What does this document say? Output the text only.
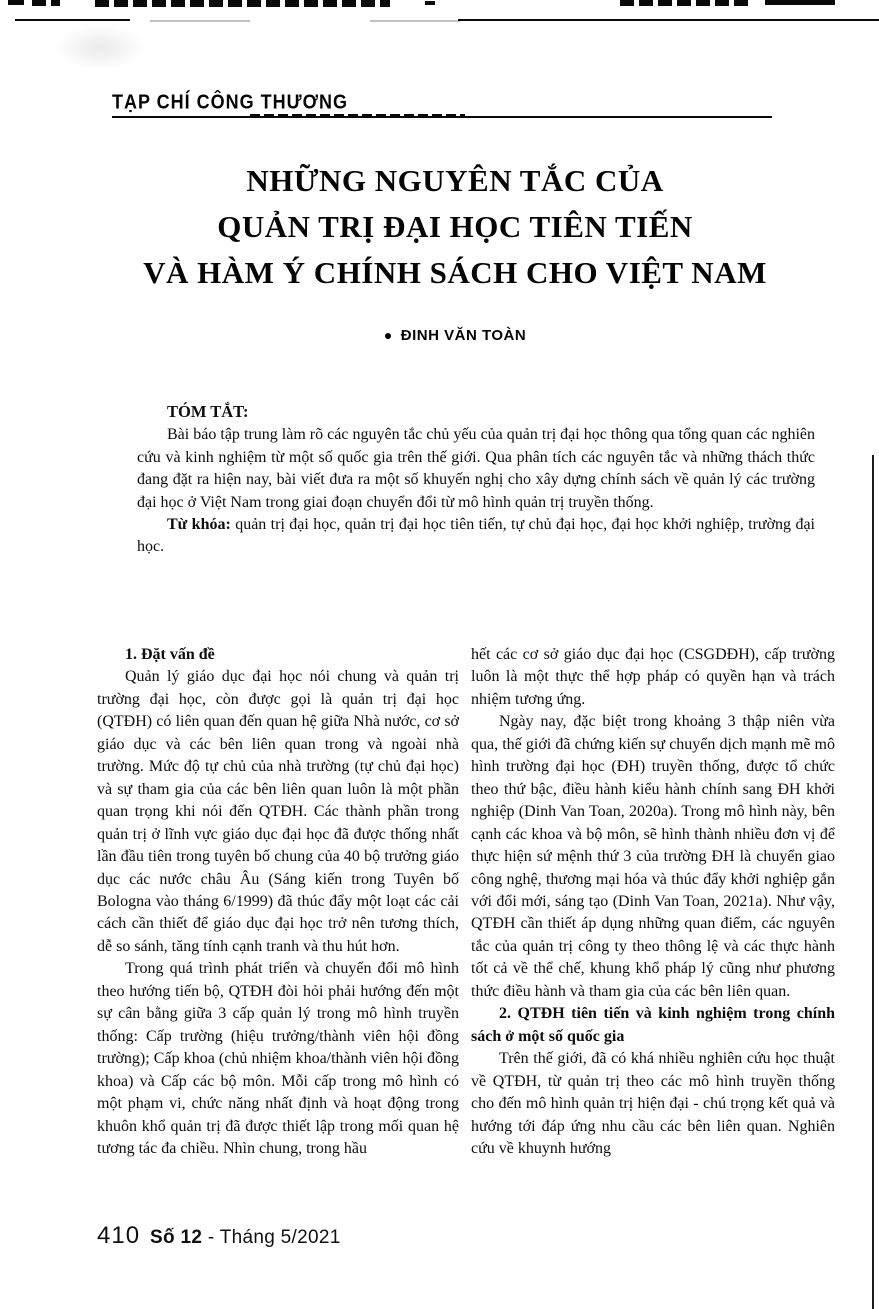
TẠP CHÍ CÔNG THƯƠNG
NHỮNG NGUYÊN TẮC CỦA
QUẢN TRỊ ĐẠI HỌC TIÊN TIẾN
VÀ HÀM Ý CHÍNH SÁCH CHO VIỆT NAM
● ĐINH VĂN TOÀN
TÓM TẮT:

Bài báo tập trung làm rõ các nguyên tắc chủ yếu của quản trị đại học thông qua tổng quan các nghiên cứu và kinh nghiệm từ một số quốc gia trên thế giới. Qua phân tích các nguyên tắc và những thách thức đang đặt ra hiện nay, bài viết đưa ra một số khuyến nghị cho xây dựng chính sách về quản lý các trường đại học ở Việt Nam trong giai đoạn chuyển đổi từ mô hình quản trị truyền thống.

Từ khóa: quản trị đại học, quản trị đại học tiên tiến, tự chủ đại học, đại học khởi nghiệp, trường đại học.

1. Đặt vấn đề

Quản lý giáo dục đại học nói chung và quản trị trường đại học, còn được gọi là quản trị đại học (QTĐH) có liên quan đến quan hệ giữa Nhà nước, cơ sở giáo dục và các bên liên quan trong và ngoài nhà trường. Mức độ tự chủ của nhà trường (tự chủ đại học) và sự tham gia của các bên liên quan luôn là một phần quan trọng khi nói đến QTĐH. Các thành phần trong quản trị ở lĩnh vực giáo dục đại học đã được thống nhất lần đầu tiên trong tuyên bố chung của 40 bộ trưởng giáo dục các nước châu Âu (Sáng kiến trong Tuyên bố Bologna vào tháng 6/1999) đã thúc đẩy một loạt các cải cách cần thiết để giáo dục đại học trở nên tương thích, dễ so sánh, tăng tính cạnh tranh và thu hút hơn.

Trong quá trình phát triển và chuyển đổi mô hình theo hướng tiến bộ, QTĐH đòi hỏi phải hướng đến một sự cân bằng giữa 3 cấp quản lý trong mô hình truyền thống: Cấp trường (hiệu trưởng/thành viên hội đồng trường); Cấp khoa (chủ nhiệm khoa/thành viên hội đồng khoa) và Cấp các bộ môn. Mỗi cấp trong mô hình có một phạm vi, chức năng nhất định và hoạt động trong khuôn khổ quản trị đã được thiết lập trong mối quan hệ tương tác đa chiều. Nhìn chung, trong hầu

hết các cơ sở giáo dục đại học (CSGDĐH), cấp trường luôn là một thực thể hợp pháp có quyền hạn và trách nhiệm tương ứng.

Ngày nay, đặc biệt trong khoảng 3 thập niên vừa qua, thế giới đã chứng kiến sự chuyển dịch mạnh mẽ mô hình trường đại học (ĐH) truyền thống, được tổ chức theo thứ bậc, điều hành kiểu hành chính sang ĐH khởi nghiệp (Dinh Van Toan, 2020a). Trong mô hình này, bên cạnh các khoa và bộ môn, sẽ hình thành nhiều đơn vị để thực hiện sứ mệnh thứ 3 của trường ĐH là chuyển giao công nghệ, thương mại hóa và thúc đẩy khởi nghiệp gắn với đổi mới, sáng tạo (Dinh Van Toan, 2021a). Như vậy, QTĐH cần thiết áp dụng những quan điểm, các nguyên tắc của quản trị công ty theo thông lệ và các thực hành tốt cả về thể chế, khung khổ pháp lý cũng như phương thức điều hành và tham gia của các bên liên quan.

2. QTĐH tiên tiến và kinh nghiệm trong chính sách ở một số quốc gia

Trên thế giới, đã có khá nhiều nghiên cứu học thuật về QTĐH, từ quản trị theo các mô hình truyền thống cho đến mô hình quản trị hiện đại - chú trọng kết quả và hướng tới đáp ứng nhu cầu các bên liên quan. Nghiên cứu về khuynh hướng

410 Số 12 - Tháng 5/2021
